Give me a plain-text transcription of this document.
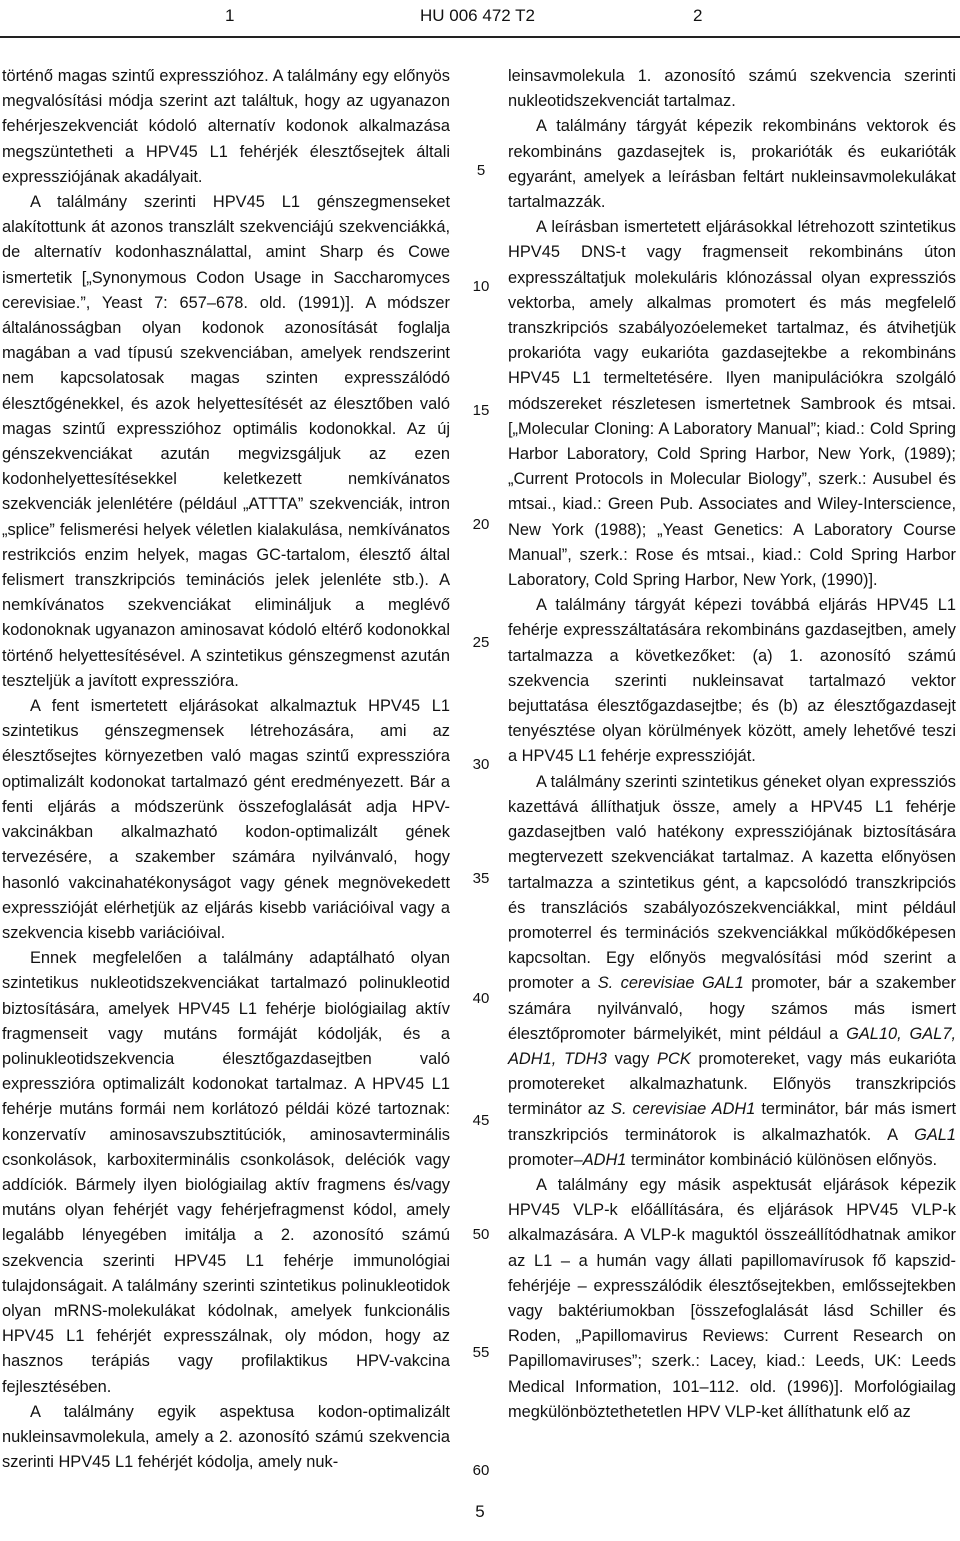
1	HU 006 472 T2	2

történő magas szintű expresszióhoz. A találmány egy előnyös megvalósítási módja szerint azt találtuk, hogy az ugyanazon fehérjeszekvenciát kódoló alternatív kodonok alkalmazása megszüntetheti a HPV45 L1 fehérjék élesztősejtek általi expressziójának akadályait.

A találmány szerinti HPV45 L1 génszegmenseket alakítottunk át azonos transzlált szekvenciájú szekvenciákká, de alternatív kodonhasználattal, amint Sharp és Cowe ismertetik [„Synonymous Codon Usage in Saccharomyces cerevisiae.”, Yeast 7: 657–678. old. (1991)]. A módszer általánosságban olyan kodonok azonosítását foglalja magában a vad típusú szekvenciában, amelyek rendszerint nem kapcsolatosak magas szinten expresszálódó élesztőgénekkel, és azok helyettesítését az élesztőben való magas szintű expresszióhoz optimális kodonokkal. Az új génszekvenciákat azután megvizsgáljuk az ezen kodonhelyettesítésekkel keletkezett nemkívánatos szekvenciák jelenlétére (például „ATTTA” szekvenciák, intron „splice” felismerési helyek véletlen kialakulása, nemkívánatos restrikciós enzim helyek, magas GC-tartalom, élesztő által felismert transzkripciós teminációs jelek jelenléte stb.). A nemkívánatos szekvenciákat elimináljuk a meglévő kodonoknak ugyanazon aminosavat kódoló eltérő kodonokkal történő helyettesítésével. A szintetikus génszegmenst azután teszteljük a javított expresszióra.

A fent ismertetett eljárásokat alkalmaztuk HPV45 L1 szintetikus génszegmensek létrehozására, ami az élesztősejtes környezetben való magas szintű expresszióra optimalizált kodonokat tartalmazó gént eredményezett. Bár a fenti eljárás a módszerünk összefoglalását adja HPV-vakcinákban alkalmazható kodon-optimalizált gének tervezésére, a szakember számára nyilvánvaló, hogy hasonló vakcinahatékonyságot vagy gének megnövekedett expresszióját elérhetjük az eljárás kisebb variációival vagy a szekvencia kisebb variációival.

Ennek megfelelően a találmány adaptálható olyan szintetikus nukleotidszekvenciákat tartalmazó polinukleotid biztosítására, amelyek HPV45 L1 fehérje biológiailag aktív fragmenseit vagy mutáns formáját kódolják, és a polinukleotidszekvencia élesztőgazdasejtben való expresszióra optimalizált kodonokat tartalmaz. A HPV45 L1 fehérje mutáns formái nem korlátozó példái közé tartoznak: konzervatív aminosavszubsztitúciók, aminosavterminális csonkolások, karboxiterminális csonkolások, deléciók vagy addíciók. Bármely ilyen biológiailag aktív fragmens és/vagy mutáns olyan fehérjét vagy fehérjefragmenst kódol, amely legalább lényegében imitálja a 2. azonosító számú szekvencia szerinti HPV45 L1 fehérje immunológiai tulajdonságait. A találmány szerinti szintetikus polinukleotidok olyan mRNS-molekulákat kódolnak, amelyek funkcionális HPV45 L1 fehérjét expresszálnak, oly módon, hogy az hasznos terápiás vagy profilaktikus HPV-vakcina fejlesztésében.

A találmány egyik aspektusa kodon-optimalizált nukleinsavmolekula, amely a 2. azonosító számú szekvencia szerinti HPV45 L1 fehérjét kódolja, amely nuk-

5
10
15
20
25
30
35
40
45
50
55
60

leinsavmolekula 1. azonosító számú szekvencia szerinti nukleotidszekvenciát tartalmaz.

A találmány tárgyát képezik rekombináns vektorok és rekombináns gazdasejtek is, prokarióták és eukarióták egyaránt, amelyek a leírásban feltárt nukleinsavmolekulákat tartalmazzák.

A leírásban ismertetett eljárásokkal létrehozott szintetikus HPV45 DNS-t vagy fragmenseit rekombináns úton expresszáltatjuk molekuláris klónozással olyan expressziós vektorba, amely alkalmas promotert és más megfelelő transzkripciós szabályozóelemeket tartalmaz, és átvihetjük prokarióta vagy eukarióta gazdasejtekbe a rekombináns HPV45 L1 termeltetésére. Ilyen manipulációkra szolgáló módszereket részletesen ismertetnek Sambrook és mtsai. [„Molecular Cloning: A Laboratory Manual”; kiad.: Cold Spring Harbor Laboratory, Cold Spring Harbor, New York, (1989); „Current Protocols in Molecular Biology”, szerk.: Ausubel és mtsai., kiad.: Green Pub. Associates and Wiley-Interscience, New York (1988); „Yeast Genetics: A Laboratory Course Manual”, szerk.: Rose és mtsai., kiad.: Cold Spring Harbor Laboratory, Cold Spring Harbor, New York, (1990)].

A találmány tárgyát képezi továbbá eljárás HPV45 L1 fehérje expresszáltatására rekombináns gazdasejtben, amely tartalmazza a következőket: (a) 1. azonosító számú szekvencia szerinti nukleinsavat tartalmazó vektor bejuttatása élesztőgazdasejtbe; és (b) az élesztőgazdasejt tenyésztése olyan körülmények között, amely lehetővé teszi a HPV45 L1 fehérje expresszióját.

A találmány szerinti szintetikus géneket olyan expressziós kazettává állíthatjuk össze, amely a HPV45 L1 fehérje gazdasejtben való hatékony expressziójának biztosítására megtervezett szekvenciákat tartalmaz. A kazetta előnyösen tartalmazza a szintetikus gént, a kapcsolódó transzkripciós és transzlációs szabályozószekvenciákkal, mint például promoterrel és terminációs szekvenciákkal működőképesen kapcsoltan. Egy előnyös megvalósítási mód szerint a promoter a S. cerevisiae GAL1 promoter, bár a szakember számára nyilvánvaló, hogy számos más ismert élesztőpromoter bármelyikét, mint például a GAL10, GAL7, ADH1, TDH3 vagy PCK promotereket, vagy más eukarióta promotereket alkalmazhatunk. Előnyös transzkripciós terminátor az S. cerevisiae ADH1 terminátor, bár más ismert transzkripciós terminátorok is alkalmazhatók. A GAL1 promoter–ADH1 terminátor kombináció különösen előnyös.

A találmány egy másik aspektusát eljárások képezik HPV45 VLP-k előállítására, és eljárások HPV45 VLP-k alkalmazására. A VLP-k maguktól összeállítódhatnak amikor az L1 – a humán vagy állati papillomavírusok fő kapszid-fehérjéje – expresszálódik élesztősejtekben, emlőssejtekben vagy baktériumokban [összefoglalását lásd Schiller és Roden, „Papillomavirus Reviews: Current Research on Papillomaviruses”; szerk.: Lacey, kiad.: Leeds, UK: Leeds Medical Information, 101–112. old. (1996)]. Morfológiailag megkülönböztethetetlen HPV VLP-ket állíthatunk elő az

5
